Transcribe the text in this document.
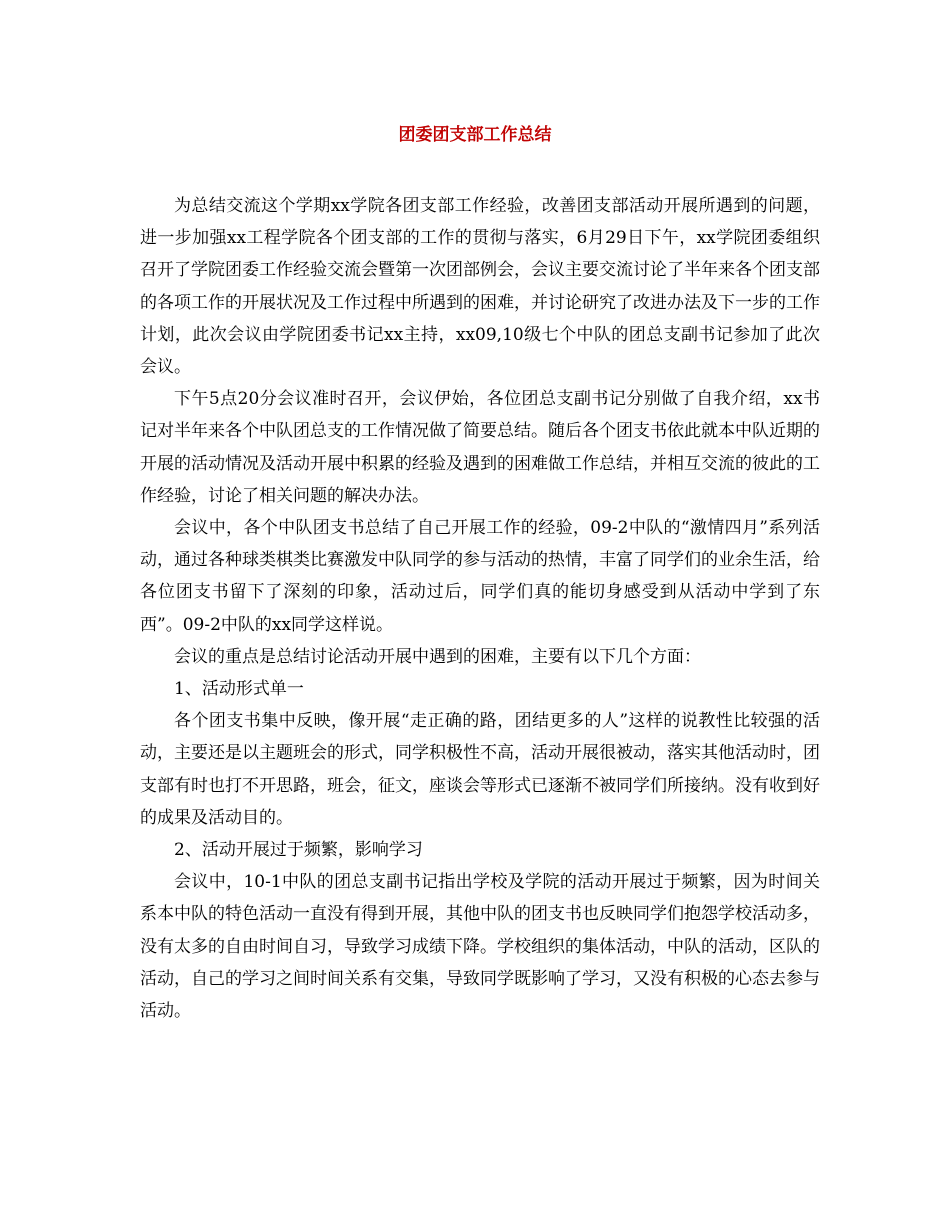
团委团支部工作总结

为总结交流这个学期xx学院各团支部工作经验，改善团支部活动开展所遇到的问题，进一步加强xx工程学院各个团支部的工作的贯彻与落实，6月29日下午，xx学院团委组织召开了学院团委工作经验交流会暨第一次团部例会，会议主要交流讨论了半年来各个团支部的各项工作的开展状况及工作过程中所遇到的困难，并讨论研究了改进办法及下一步的工作计划，此次会议由学院团委书记xx主持，xx09,10级七个中队的团总支副书记参加了此次会议。

下午5点20分会议准时召开，会议伊始，各位团总支副书记分别做了自我介绍，xx书记对半年来各个中队团总支的工作情况做了简要总结。随后各个团支书依此就本中队近期的开展的活动情况及活动开展中积累的经验及遇到的困难做工作总结，并相互交流的彼此的工作经验，讨论了相关问题的解决办法。

会议中，各个中队团支书总结了自己开展工作的经验，09-2中队的“激情四月”系列活动，通过各种球类棋类比赛激发中队同学的参与活动的热情，丰富了同学们的业余生活，给各位团支书留下了深刻的印象，活动过后，同学们真的能切身感受到从活动中学到了东西”。09-2中队的xx同学这样说。

会议的重点是总结讨论活动开展中遇到的困难，主要有以下几个方面：

1、活动形式单一

各个团支书集中反映，像开展“走正确的路，团结更多的人”这样的说教性比较强的活动，主要还是以主题班会的形式，同学积极性不高，活动开展很被动，落实其他活动时，团支部有时也打不开思路，班会，征文，座谈会等形式已逐渐不被同学们所接纳。没有收到好的成果及活动目的。

2、活动开展过于频繁，影响学习

会议中，10-1中队的团总支副书记指出学校及学院的活动开展过于频繁，因为时间关系本中队的特色活动一直没有得到开展，其他中队的团支书也反映同学们抱怨学校活动多，没有太多的自由时间自习，导致学习成绩下降。学校组织的集体活动，中队的活动，区队的活动，自己的学习之间时间关系有交集，导致同学既影响了学习，又没有积极的心态去参与活动。
